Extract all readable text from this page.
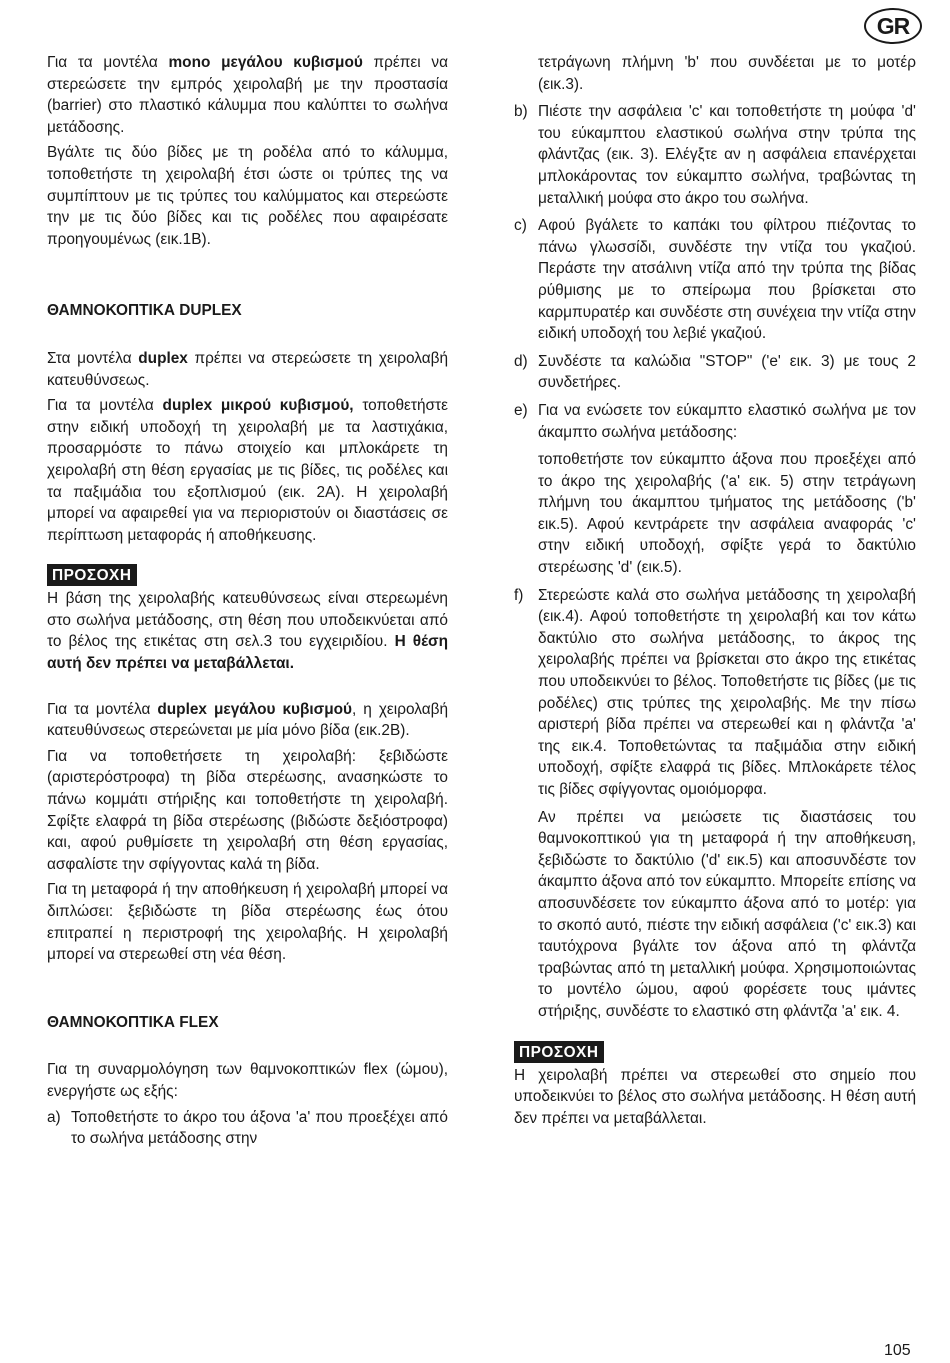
GR

Για τα μοντέλα mono μεγάλου κυβισμού πρέπει να στερεώσετε την εμπρός χειρολαβή με την προστασία (barrier) στο πλαστικό κάλυμμα που καλύπτει το σωλήνα μετάδοσης.

Βγάλτε τις δύο βίδες με τη ροδέλα από το κάλυμμα, τοποθετήστε τη χειρολαβή έτσι ώστε οι τρύπες της να συμπίπτουν με τις τρύπες του καλύμματος και στερεώστε την με τις δύο βίδες και τις ροδέλες που αφαιρέσατε προηγουμένως (εικ.1B).

ΘΑΜΝΟΚΟΠΤΙΚΑ DUPLEX

Στα μοντέλα duplex πρέπει να στερεώσετε τη χειρολαβή κατευθύνσεως.

Για τα μοντέλα duplex μικρού κυβισμού, τοποθετήστε στην ειδική υποδοχή τη χειρολαβή με τα λαστιχάκια, προσαρμόστε το πάνω στοιχείο και μπλοκάρετε τη χειρολαβή στη θέση εργασίας με τις βίδες, τις ροδέλες και τα παξιμάδια του εξοπλισμού (εικ. 2A). Η χειρολαβή μπορεί να αφαιρεθεί για να περιοριστούν οι διαστάσεις σε περίπτωση μεταφοράς ή αποθήκευσης.

ΠΡΟΣΟΧΗ

Η βάση της χειρολαβής κατευθύνσεως είναι στερεωμένη στο σωλήνα μετάδοσης, στη θέση που υποδεικνύεται από το βέλος της ετικέτας στη σελ.3 του εγχειριδίου. Η θέση αυτή δεν πρέπει να μεταβάλλεται.

Για τα μοντέλα duplex μεγάλου κυβισμού, η χειρολαβή κατευθύνσεως στερεώνεται με μία μόνο βίδα (εικ.2B).

Για να τοποθετήσετε τη χειρολαβή: ξεβιδώστε (αριστερόστροφα) τη βίδα στερέωσης, ανασηκώστε το πάνω κομμάτι στήριξης και τοποθετήστε τη χειρολαβή. Σφίξτε ελαφρά τη βίδα στερέωσης (βιδώστε δεξιόστροφα) και, αφού ρυθμίσετε τη χειρολαβή στη θέση εργασίας, ασφαλίστε την σφίγγοντας καλά τη βίδα.

Για τη μεταφορά ή την αποθήκευση ή χειρολαβή μπορεί να διπλώσει: ξεβιδώστε τη βίδα στερέωσης έως ότου επιτραπεί η περιστροφή της χειρολαβής. Η χειρολαβή μπορεί να στερεωθεί στη νέα θέση.

ΘΑΜΝΟΚΟΠΤΙΚΑ FLEX

Για τη συναρμολόγηση των θαμνοκοπτικών flex (ώμου), ενεργήστε ως εξής:

a) Τοποθετήστε το άκρο του άξονα 'a' που προεξέχει από το σωλήνα μετάδοσης στην

τετράγωνη πλήμνη 'b' που συνδέεται με το μοτέρ (εικ.3).

b) Πιέστε την ασφάλεια 'c' και τοποθετήστε τη μούφα 'd' του εύκαμπτου ελαστικού σωλήνα στην τρύπα της φλάντζας (εικ. 3). Ελέγξτε αν η ασφάλεια επανέρχεται μπλοκάροντας τον εύκαμπτο σωλήνα, τραβώντας τη μεταλλική μούφα στο άκρο του σωλήνα.
c) Αφού βγάλετε το καπάκι του φίλτρου πιέζοντας το πάνω γλωσσίδι, συνδέστε την ντίζα του γκαζιού. Περάστε την ατσάλινη ντίζα από την τρύπα της βίδας ρύθμισης με το σπείρωμα που βρίσκεται στο καρμπυρατέρ και συνδέστε στη συνέχεια την ντίζα στην ειδική υποδοχή του λεβιέ γκαζιού.
d) Συνδέστε τα καλώδια "STOP" ('e' εικ. 3) με τους 2 συνδετήρες.
e) Για να ενώσετε τον εύκαμπτο ελαστικό σωλήνα με τον άκαμπτο σωλήνα μετάδοσης:

τοποθετήστε τον εύκαμπτο άξονα που προεξέχει από το άκρο της χειρολαβής ('a' εικ. 5) στην τετράγωνη πλήμνη του άκαμπτου τμήματος της μετάδοσης ('b' εικ.5). Αφού κεντράρετε την ασφάλεια αναφοράς 'c' στην ειδική υποδοχή, σφίξτε γερά το δακτύλιο στερέωσης 'd' (εικ.5).

f) Στερεώστε καλά στο σωλήνα μετάδοσης τη χειρολαβή (εικ.4). Αφού τοποθετήστε τη χειρολαβή και τον κάτω δακτύλιο στο σωλήνα μετάδοσης, το άκρος της χειρολαβής πρέπει να βρίσκεται στο άκρο της ετικέτας που υποδεικνύει το βέλος. Τοποθετήστε τις βίδες (με τις ροδέλες) στις τρύπες της χειρολαβής. Με την πίσω αριστερή βίδα πρέπει να στερεωθεί και η φλάντζα 'a' της εικ.4. Τοποθετώντας τα παξιμάδια στην ειδική υποδοχή, σφίξτε ελαφρά τις βίδες. Μπλοκάρετε τέλος τις βίδες σφίγγοντας ομοιόμορφα.

Αν πρέπει να μειώσετε τις διαστάσεις του θαμνοκοπτικού για τη μεταφορά ή την αποθήκευση, ξεβιδώστε το δακτύλιο ('d' εικ.5) και αποσυνδέστε τον άκαμπτο άξονα από τον εύκαμπτο. Μπορείτε επίσης να αποσυνδέσετε τον εύκαμπτο άξονα από το μοτέρ: για το σκοπό αυτό, πιέστε την ειδική ασφάλεια ('c' εικ.3) και ταυτόχρονα βγάλτε τον άξονα από τη φλάντζα τραβώντας από τη μεταλλική μούφα. Χρησιμοποιώντας το μοντέλο ώμου, αφού φορέσετε τους ιμάντες στήριξης, συνδέστε το ελαστικό στη φλάντζα 'a' εικ. 4.

ΠΡΟΣΟΧΗ

Η χειρολαβή πρέπει να στερεωθεί στο σημείο που υποδεικνύει το βέλος στο σωλήνα μετάδοσης. Η θέση αυτή δεν πρέπει να μεταβάλλεται.

105
